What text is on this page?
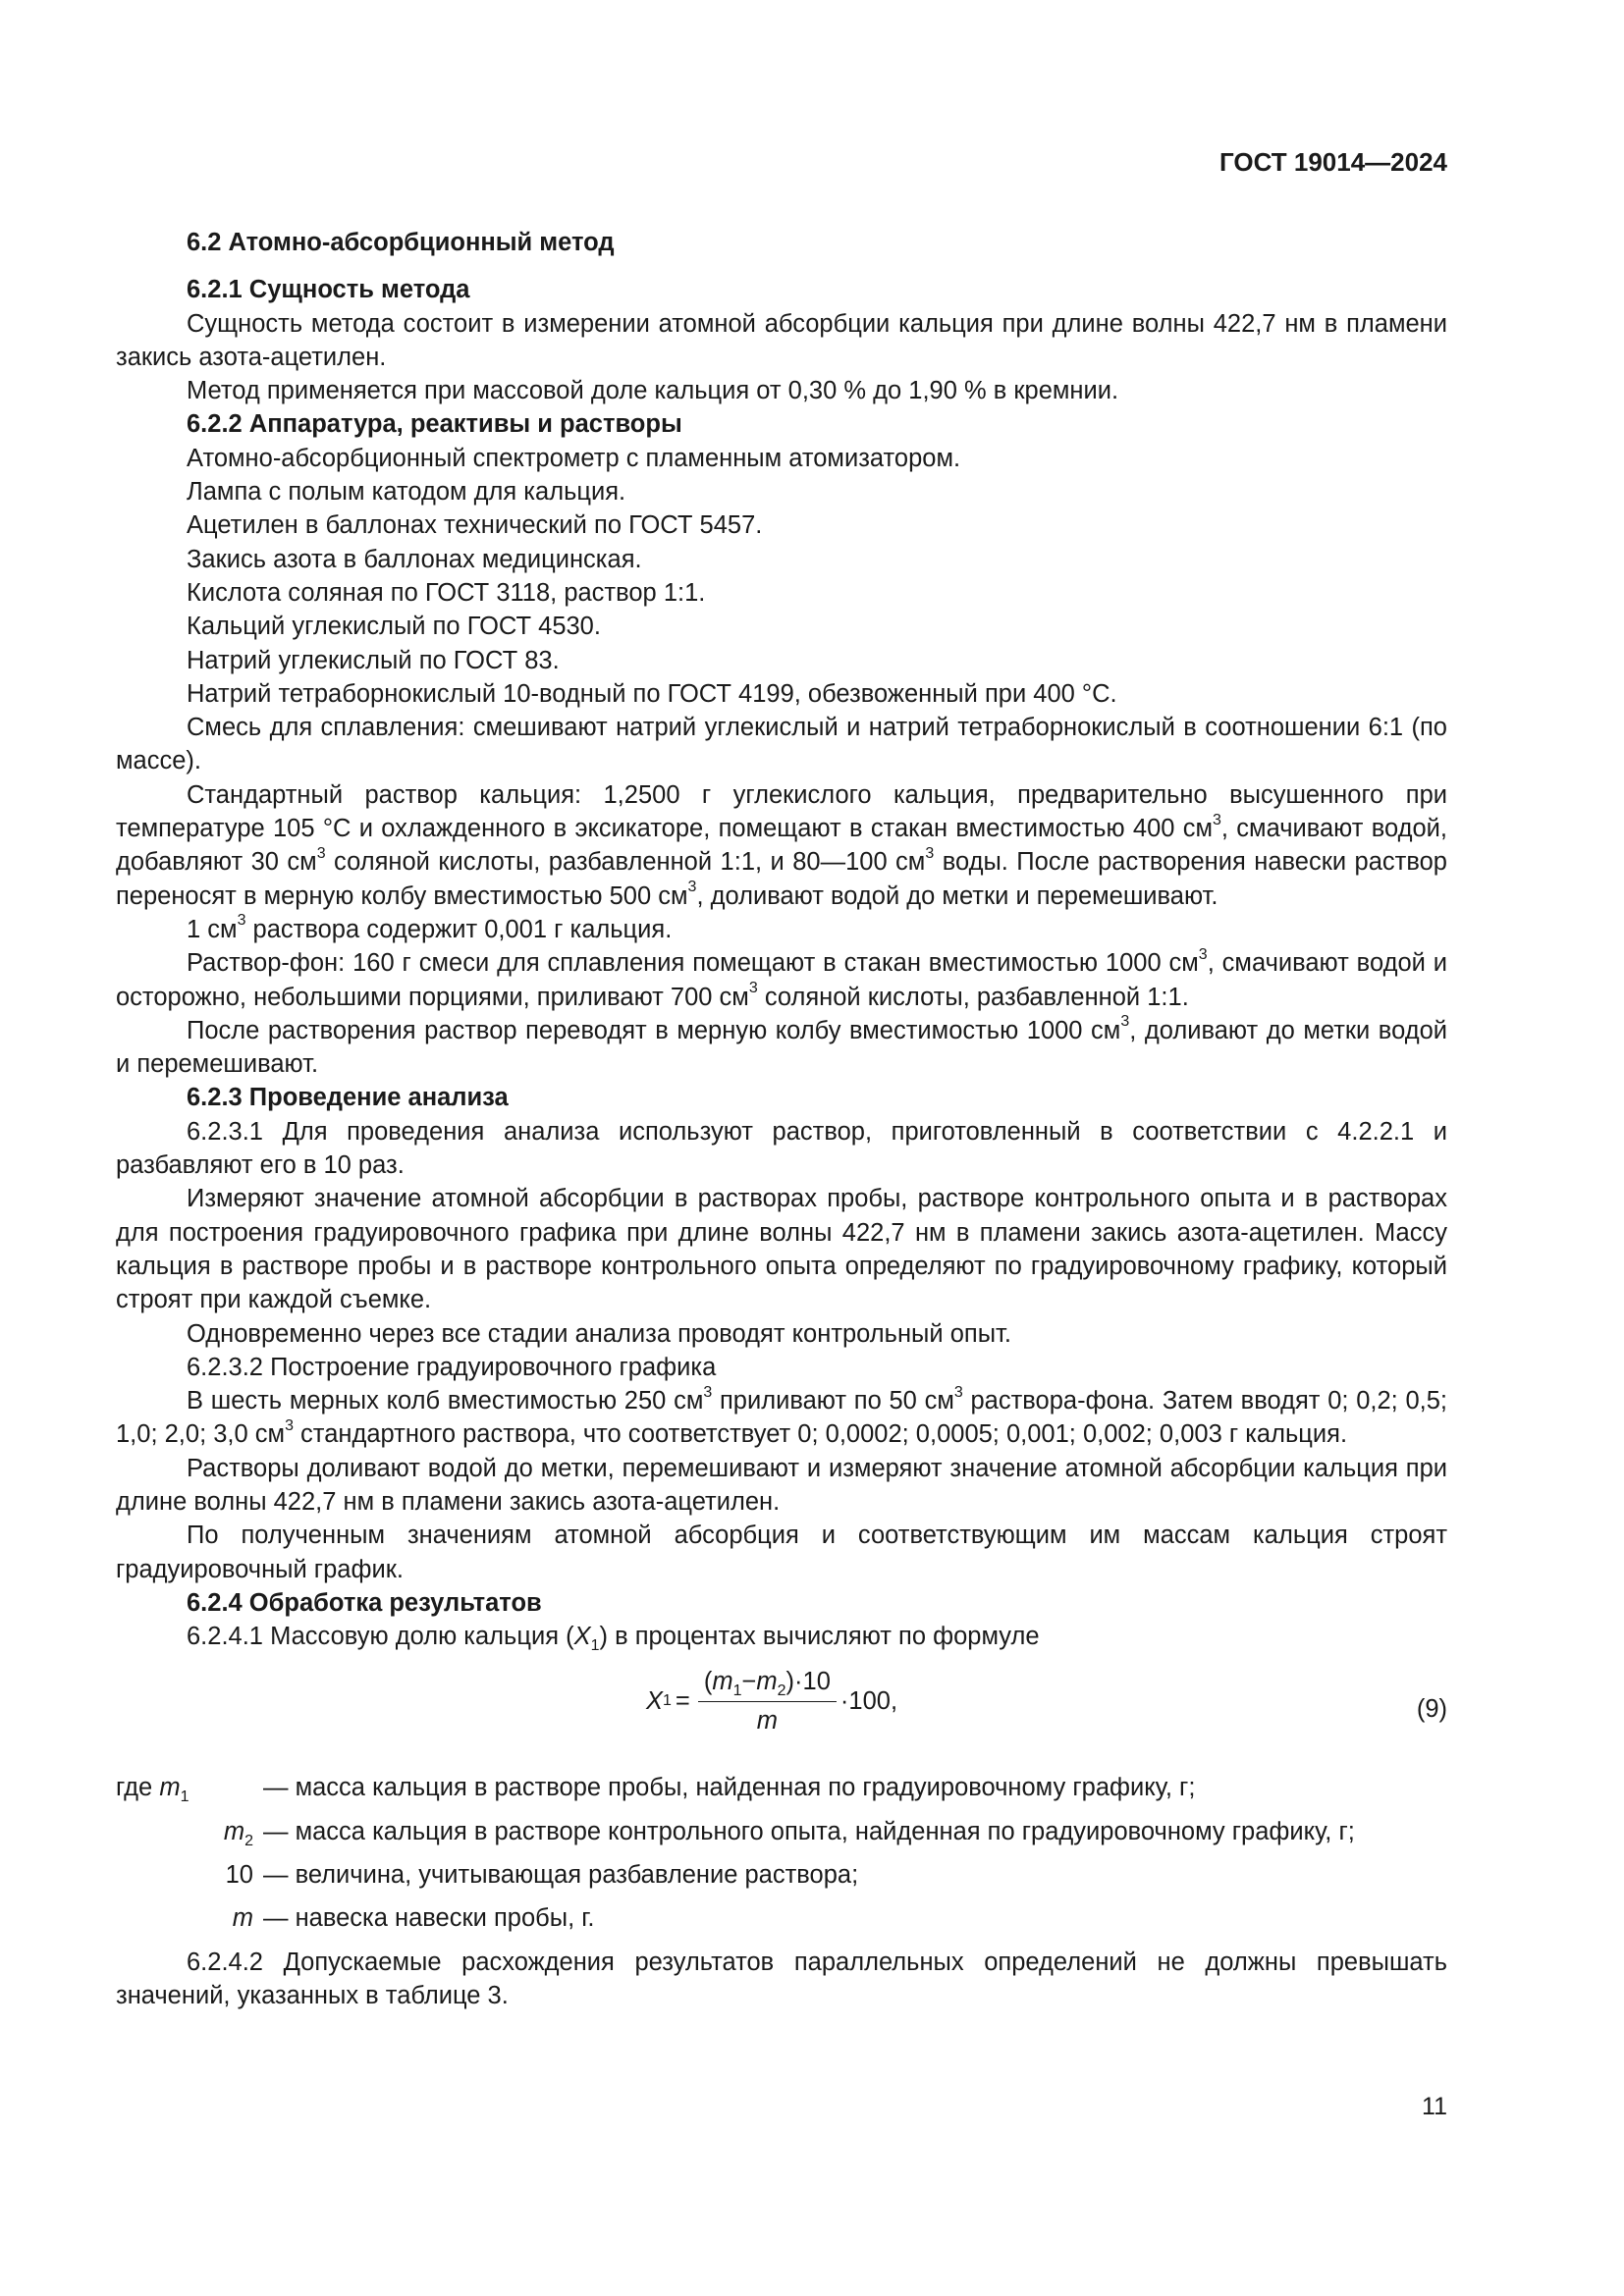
ГОСТ 19014—2024
6.2 Атомно-абсорбционный метод
6.2.1 Сущность метода

Сущность метода состоит в измерении атомной абсорбции кальция при длине волны 422,7 нм в пламени закись азота-ацетилен.

Метод применяется при массовой доле кальция от 0,30 % до 1,90 % в кремнии.

6.2.2 Аппаратура, реактивы и растворы

Атомно-абсорбционный спектрометр с пламенным атомизатором.

Лампа с полым катодом для кальция.

Ацетилен в баллонах технический по ГОСТ 5457.

Закись азота в баллонах медицинская.

Кислота соляная по ГОСТ 3118, раствор 1:1.

Кальций углекислый по ГОСТ 4530.

Натрий углекислый по ГОСТ 83.

Натрий тетраборнокислый 10-водный по ГОСТ 4199, обезвоженный при 400 °С.

Смесь для сплавления: смешивают натрий углекислый и натрий тетраборнокислый в соотношении 6:1 (по массе).

Стандартный раствор кальция: 1,2500 г углекислого кальция, предварительно высушенного при температуре 105 °С и охлажденного в эксикаторе, помещают в стакан вместимостью 400 $см^3$, смачивают водой, добавляют 30 $см^3$ соляной кислоты, разбавленной 1:1, и 80—100 $см^3$ воды. После растворения навески раствор переносят в мерную колбу вместимостью 500 $см^3$, доливают водой до метки и перемешивают.

1 $см^3$ раствора содержит 0,001 г кальция.

Раствор-фон: 160 г смеси для сплавления помещают в стакан вместимостью 1000 $см^3$, смачивают водой и осторожно, небольшими порциями, приливают 700 $см^3$ соляной кислоты, разбавленной 1:1.

После растворения раствор переводят в мерную колбу вместимостью 1000 $см^3$, доливают до метки водой и перемешивают.

6.2.3 Проведение анализа

6.2.3.1 Для проведения анализа используют раствор, приготовленный в соответствии с 4.2.2.1 и разбавляют его в 10 раз.

Измеряют значение атомной абсорбции в растворах пробы, растворе контрольного опыта и в растворах для построения градуировочного графика при длине волны 422,7 нм в пламени закись азота-ацетилен. Массу кальция в растворе пробы и в растворе контрольного опыта определяют по градуировочному графику, который строят при каждой съемке.

Одновременно через все стадии анализа проводят контрольный опыт.

6.2.3.2 Построение градуировочного графика

В шесть мерных колб вместимостью 250 $см^3$ приливают по 50 $см^3$ раствора-фона. Затем вводят 0; 0,2; 0,5; 1,0; 2,0; 3,0 $см^3$ стандартного раствора, что соответствует 0; 0,0002; 0,0005; 0,001; 0,002; 0,003 г кальция.

Растворы доливают водой до метки, перемешивают и измеряют значение атомной абсорбции кальция при длине волны 422,7 нм в пламени закись азота-ацетилен.

По полученным значениям атомной абсорбция и соответствующим им массам кальция строят градуировочный график.

6.2.4 Обработка результатов

6.2.4.1 Массовую долю кальция $(X_1)$ в процентах вычисляют по формуле

X $1 = \frac{(m_1-m_2)\cdot 10}{m} \cdot 100$,	(9)
где $m_1$	— масса кальция в растворе пробы, найденная по градуировочному графику, г;
$m_2$ — масса кальция в растворе контрольного опыта, найденная по градуировочному графику, г;
10 — величина, учитывающая разбавление раствора;
m — навеска навески пробы, г.

6.2.4.2 Допускаемые расхождения результатов параллельных определений не должны превышать значений, указанных в таблице 3.

11
